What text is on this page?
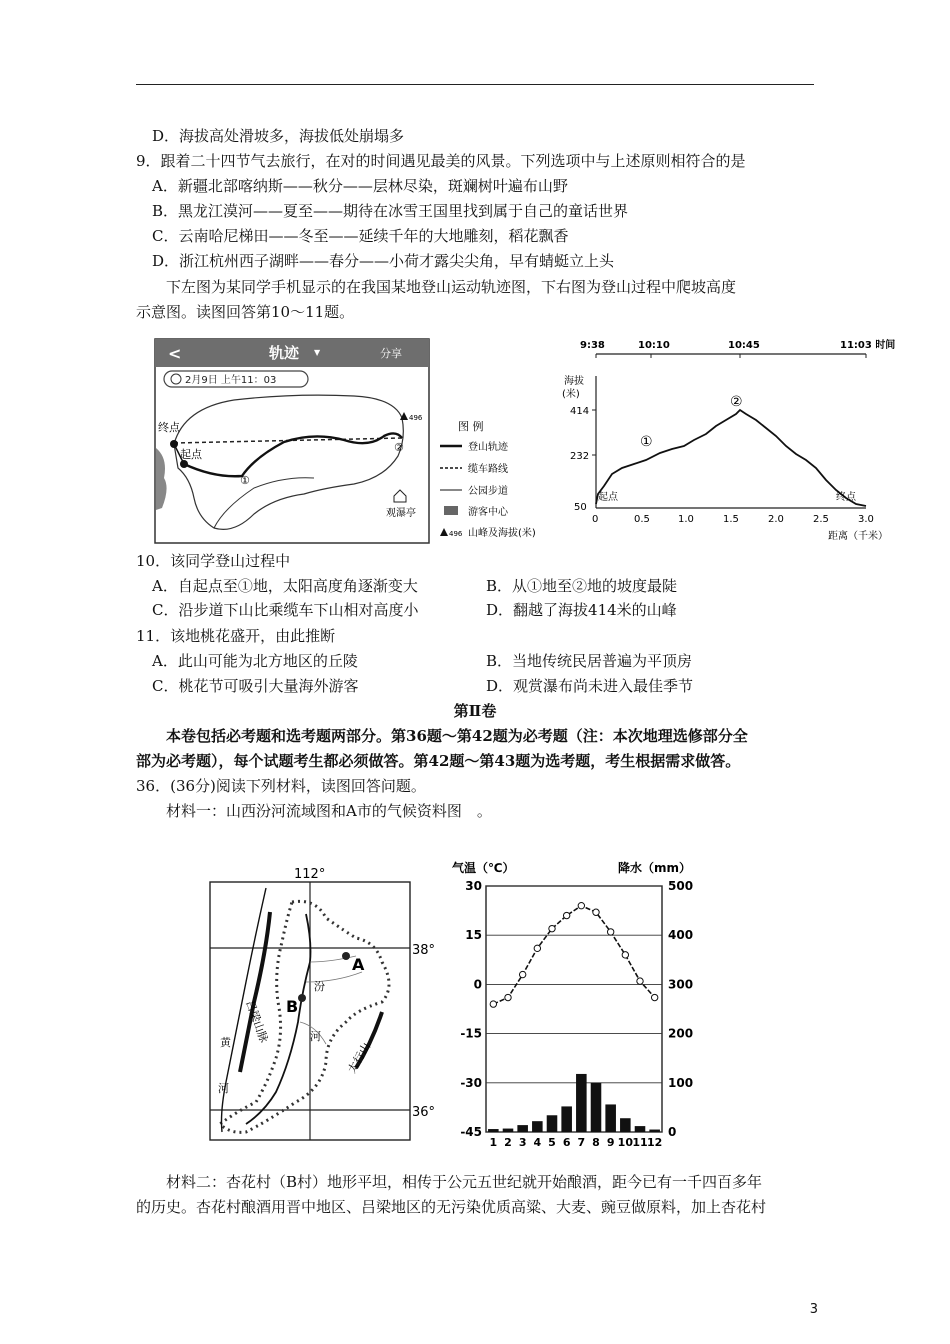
D．海拔高处滑坡多，海拔低处崩塌多
9．跟着二十四节气去旅行，在对的时间遇见最美的风景。下列选项中与上述原则相符合的是
A．新疆北部喀纳斯——秋分——层林尽染，斑斓树叶遍布山野
B．黑龙江漠河——夏至——期待在冰雪王国里找到属于自己的童话世界
C．云南哈尼梯田——冬至——延续千年的大地雕刻，稻花飘香
D．浙江杭州西子湖畔——春分——小荷才露尖尖角，早有蜻蜓立上头
下左图为某同学手机显示的在我国某地登山运动轨迹图，下右图为登山过程中爬坡高度
示意图。读图回答第10～11题。
<	轨迹 ▼	分享
2月9日 上午11：03
终点
起点
①
②
496
观瀑亭
图 例
登山轨迹
缆车路线
公园步道
游客中心
496 山峰及海拔(米)
9:38	10:10	10:45	11:03 时间
海拔
(米)
414
232
50
0	0.5	1.0	1.5	2.0	2.5	3.0
距离（千米）
起点	终点
①
②
10．该同学登山过程中
A．自起点至①地，太阳高度角逐渐变大	B．从①地至②地的坡度最陡
C．沿步道下山比乘缆车下山相对高度小	D．翻越了海拔414米的山峰
11．该地桃花盛开，由此推断
A．此山可能为北方地区的丘陵	B．当地传统民居普遍为平顶房
C．桃花节可吸引大量海外游客	D．观赏瀑布尚未进入最佳季节
第Ⅱ卷
本卷包括必考题和选考题两部分。第36题～第42题为必考题（注：本次地理选修部分全
部为必考题），每个试题考生都必须做答。第42题～第43题为选考题，考生根据需求做答。
36．(36分)阅读下列材料，读图回答问题。
材料一：山西汾河流域图和A市的气候资料图　。
112°
38°
36°
吕梁山脉
太行山
A
B
黄
河
汾
河
气温（℃）	降水（mm）
30
15
0
-15
-30
-45
500
400
300
200
100
0
1 2 3 4 5 6 7 8 9 10 11 12
材料二：杏花村（B村）地形平坦，相传于公元五世纪就开始酿酒，距今已有一千四百多年
的历史。杏花村酿酒用晋中地区、吕梁地区的无污染优质高粱、大麦、豌豆做原料，加上杏花村
3
